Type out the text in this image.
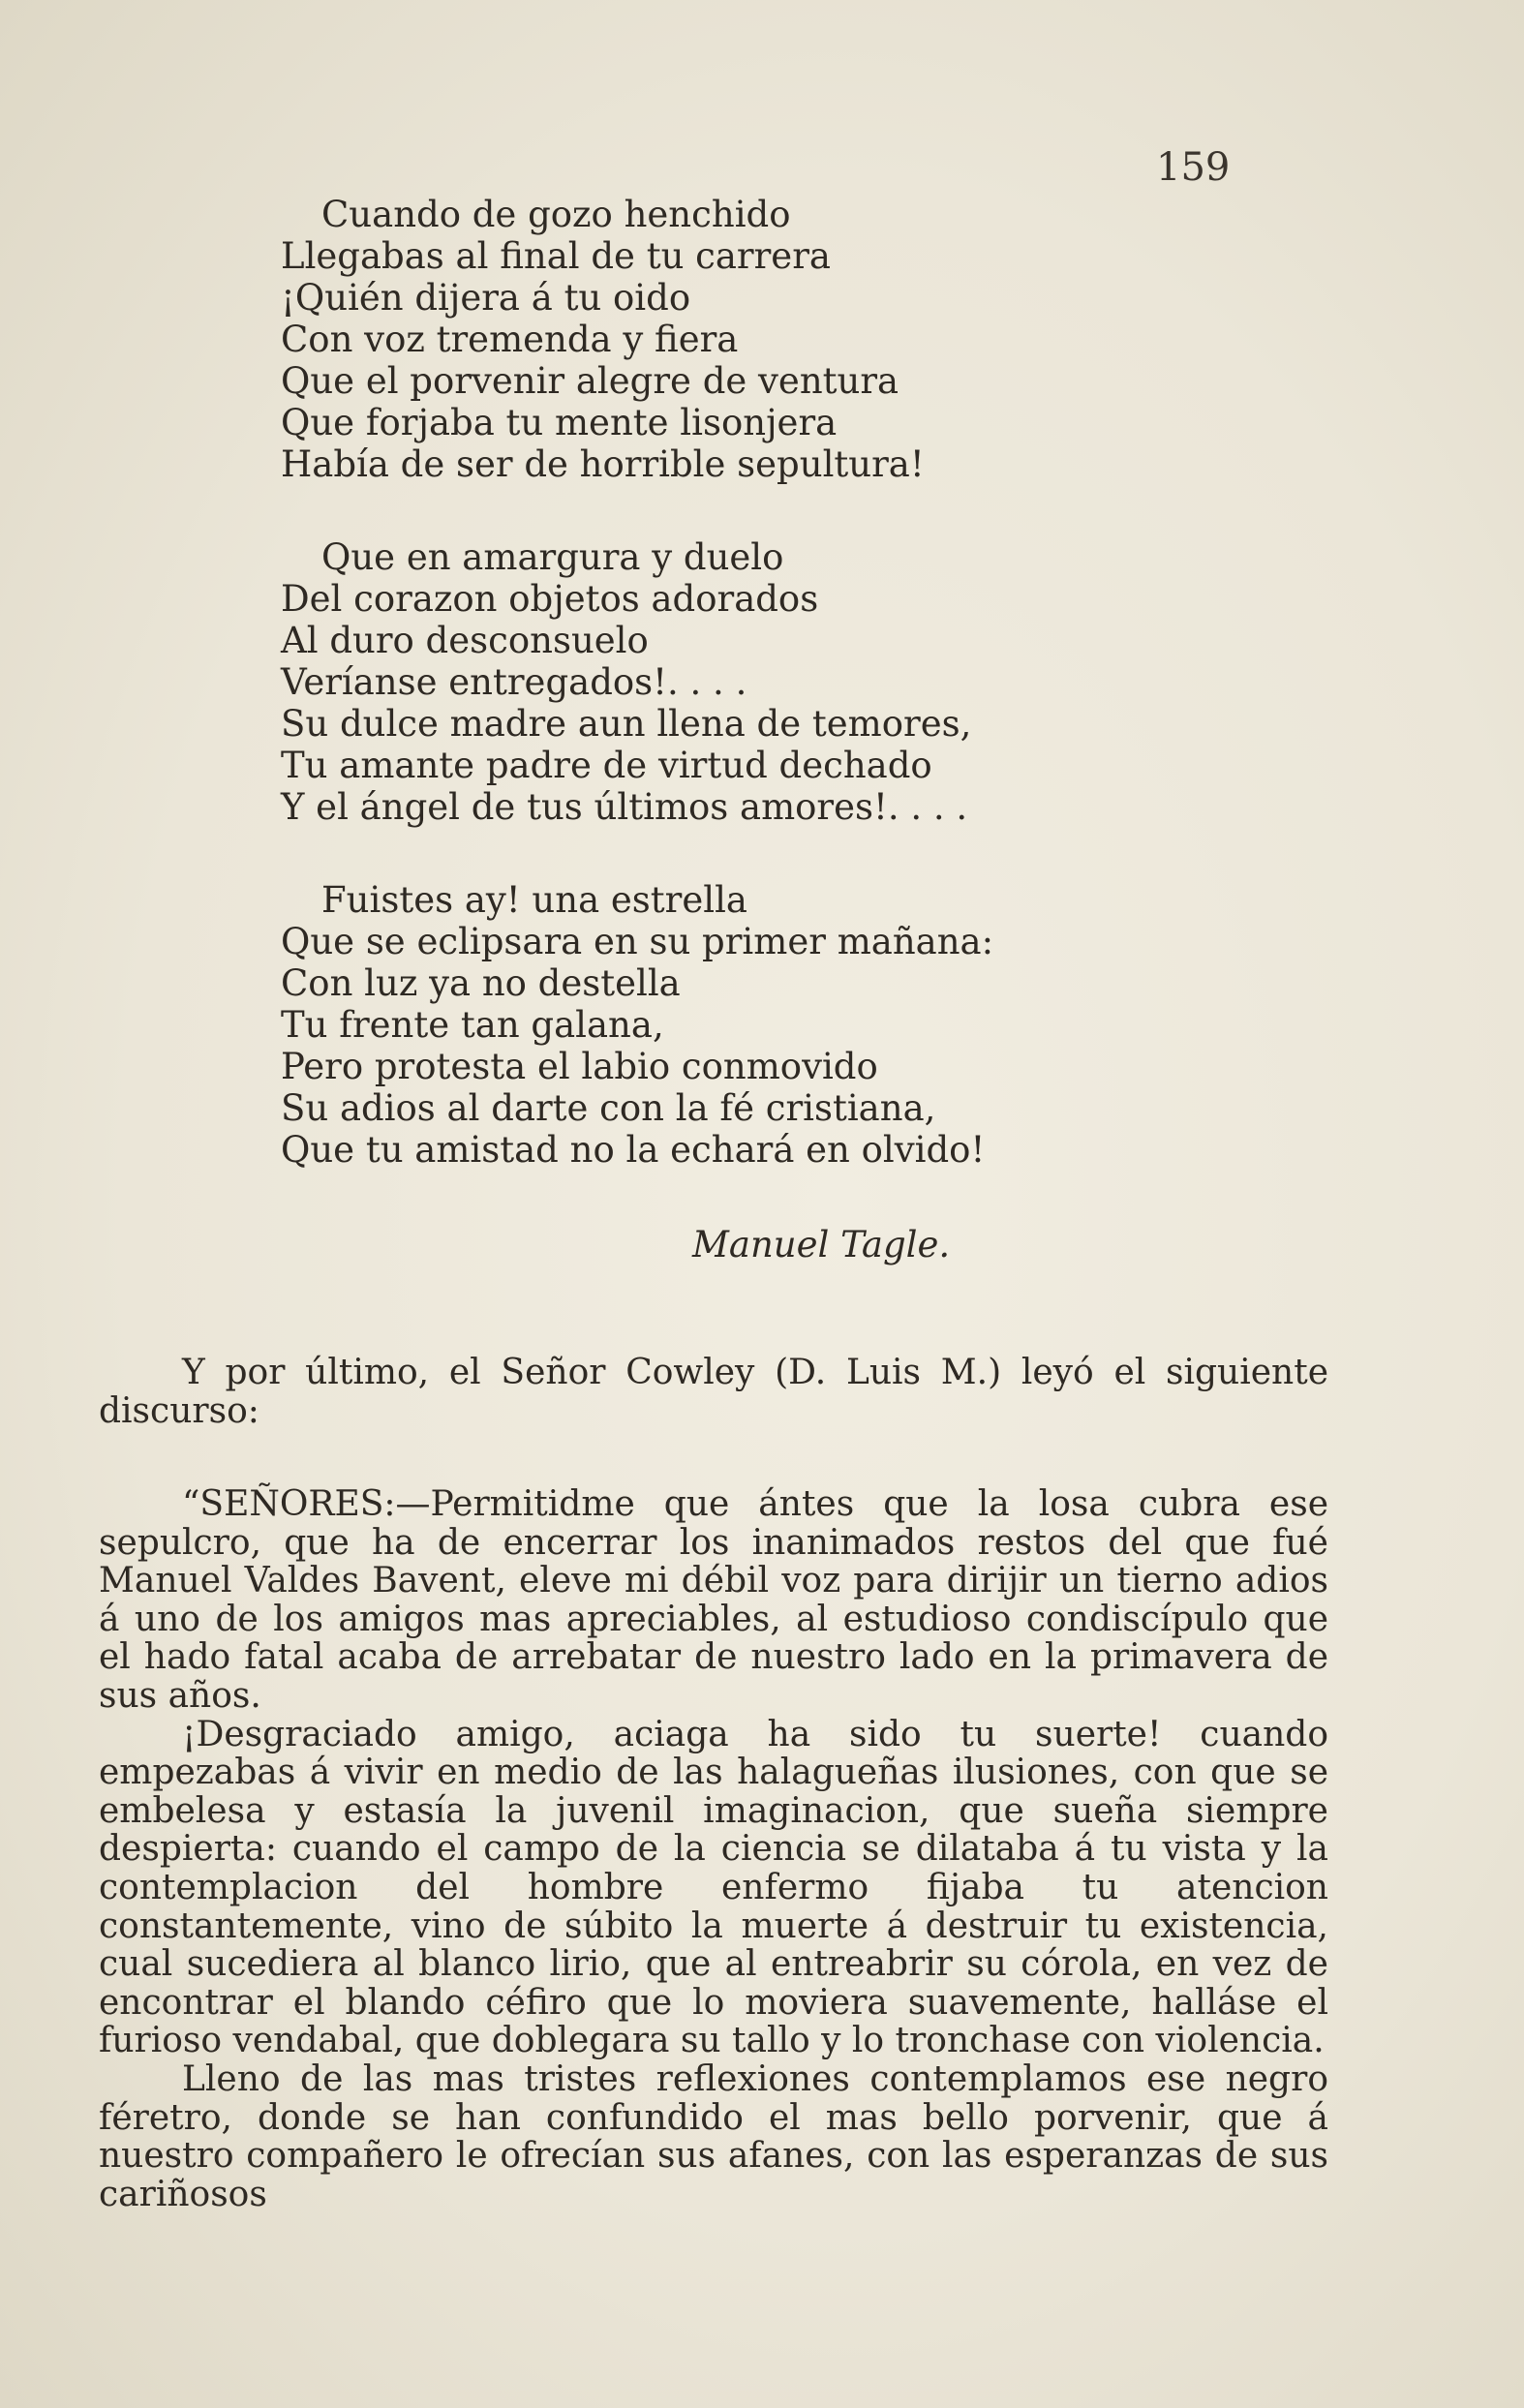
159
Cuando de gozo henchido
Llegabas al final de tu carrera
¡Quién dijera á tu oido
Con voz tremenda y fiera
Que el porvenir alegre de ventura
Que forjaba tu mente lisonjera
Había de ser de horrible sepultura!
Que en amargura y duelo
Del corazon objetos adorados
Al duro desconsuelo
Veríanse entregados!. . . .
Su dulce madre aun llena de temores,
Tu amante padre de virtud dechado
Y el ángel de tus últimos amores!. . . .
Fuistes ay! una estrella
Que se eclipsara en su primer mañana:
Con luz ya no destella
Tu frente tan galana,
Pero protesta el labio conmovido
Su adios al darte con la fé cristiana,
Que tu amistad no la echará en olvido!
Manuel Tagle.

Y por último, el Señor Cowley (D. Luis M.) leyó el siguiente discurso:

“SEÑORES:—Permitidme que ántes que la losa cubra ese sepulcro, que ha de encerrar los inanimados restos del que fué Manuel Valdes Bavent, eleve mi débil voz para dirijir un tierno adios á uno de los amigos mas apreciables, al estudioso condiscípulo que el hado fatal acaba de arrebatar de nuestro lado en la primavera de sus años.

¡Desgraciado amigo, aciaga ha sido tu suerte! cuando empezabas á vivir en medio de las halagueñas ilusiones, con que se embelesa y estasía la juvenil imaginacion, que sueña siempre despierta: cuando el campo de la ciencia se dilataba á tu vista y la contemplacion del hombre enfermo fijaba tu atencion constantemente, vino de súbito la muerte á destruir tu existencia, cual sucediera al blanco lirio, que al entreabrir su córola, en vez de encontrar el blando céfiro que lo moviera suavemente, halláse el furioso vendabal, que doblegara su tallo y lo tronchase con violencia.

Lleno de las mas tristes reflexiones contemplamos ese negro féretro, donde se han confundido el mas bello porvenir, que á nuestro compañero le ofrecían sus afanes, con las esperanzas de sus cariñosos
